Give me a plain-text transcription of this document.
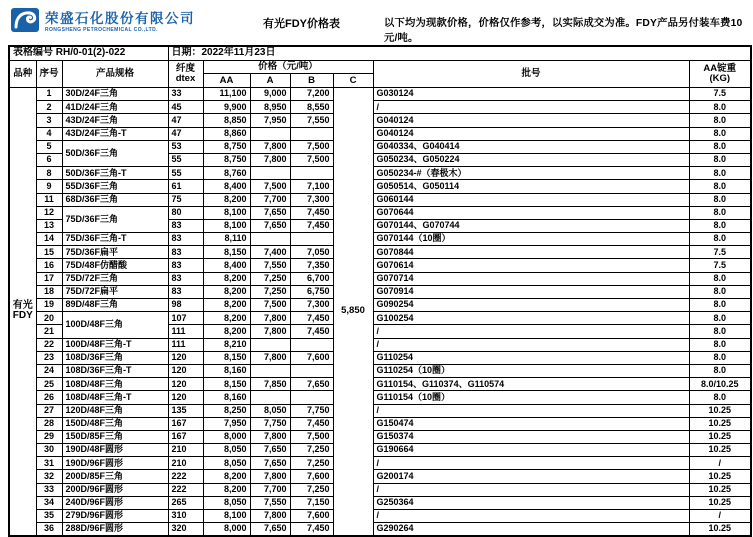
荣盛石化股份有限公司
RONGSHENG PETROCHEMICAL CO.,LTD.	有光FDY价格表	以下均为现款价格，价格仅作参考，以实际成交为准。FDY产品另付装车费10元/吨。
表格编号 RH/0-01(2)-022			日期：2022年11月23日						
品种	序号	产品规格	纤度
dtex
	价格（元/吨）	批号	AA锭重
(KG)

				AA	A	B	C		

有光
FDY	1	30D/24F三角	33	11,100	9,000	7,200	5,850	G030124	7.5
	2	41D/24F三角	45	9,900	8,950	8,550		/	8.0
	3	43D/24F三角	47	8,850	7,950	7,550		G040124	8.0
	4	43D/24F三角-T	47	8,860				G040124	8.0
	5	50D/36F三角	53	8,750	7,800	7,500		G040334、G040414	8.0
	6		55	8,750	7,800	7,500		G050234、G050224	8.0
	8	50D/36F三角-T	55	8,760				G050234-#（春极木）	8.0
	9	55D/36F三角	61	8,400	7,500	7,100		G050514、G050114	8.0
	11	68D/36F三角	75	8,200	7,700	7,300		G060144	8.0
	12	75D/36F三角	80	8,100	7,650	7,450		G070644	8.0
	13		83	8,100	7,650	7,450		G070144、G070744	8.0
	14	75D/36F三角-T	83	8,110				G070144（10圈）	8.0
	15	75D/36F扁平	83	8,150	7,400	7,050		G070844	7.5
	16	75D/48F仿醋酸	83	8,400	7,550	7,350		G070614	7.5
	17	75D/72F三角	83	8,200	7,250	6,700		G070714	8.0
	18	75D/72F扁平	83	8,200	7,250	6,750		G070914	8.0
	19	89D/48F三角	98	8,200	7,500	7,300		G090254	8.0
	20	100D/48F三角	107	8,200	7,800	7,450		G100254	8.0
	21		111	8,200	7,800	7,450		/	8.0
	22	100D/48F三角-T	111	8,210				/	8.0
	23	108D/36F三角	120	8,150	7,800	7,600		G110254	8.0
	24	108D/36F三角-T	120	8,160				G110254（10圈）	8.0
	25	108D/48F三角	120	8,150	7,850	7,650		G110154、G110374、G110574	8.0/10.25
	26	108D/48F三角-T	120	8,160				G110154（10圈）	8.0
	27	120D/48F三角	135	8,250	8,050	7,750		/	10.25
	28	150D/48F三角	167	7,950	7,750	7,450		G150474	10.25
	29	150D/85F三角	167	8,000	7,800	7,500		G150374	10.25
	30	190D/48F圆形	210	8,050	7,650	7,250		G190664	10.25
	31	190D/96F圆形	210	8,050	7,650	7,250		/	/
	32	200D/85F三角	222	8,200	7,800	7,600		G200174	10.25
	33	200D/96F圆形	222	8,200	7,700	7,250		/	10.25
	34	240D/96F圆形	265	8,050	7,550	7,150		G250364	10.25
	35	279D/96F圆形	310	8,100	7,800	7,600		/	/
	36	288D/96F圆形	320	8,000	7,650	7,450		G290264	10.25
